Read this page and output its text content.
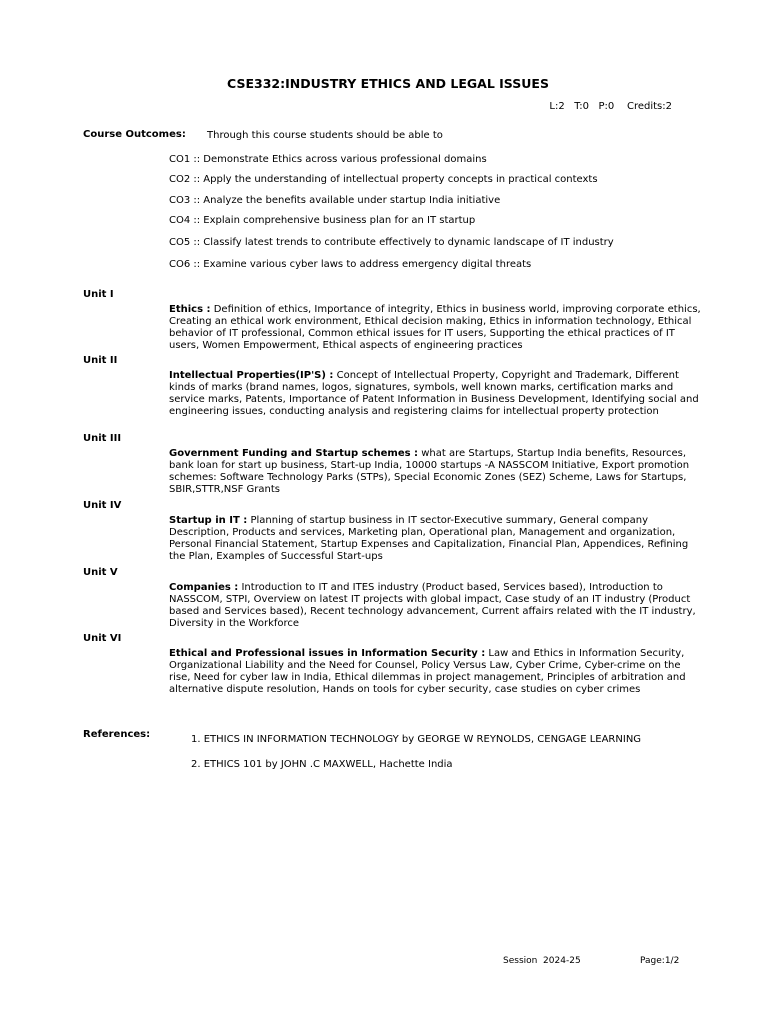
CSE332:INDUSTRY ETHICS AND LEGAL ISSUES
L:2   T:0   P:0    Credits:2
Course Outcomes: Through this course students should be able to
CO1 :: Demonstrate Ethics across various professional domains
CO2 :: Apply the understanding of intellectual property concepts in practical contexts
CO3 :: Analyze the benefits available under startup India initiative
CO4 :: Explain comprehensive business plan for an IT startup
CO5 :: Classify latest trends to contribute effectively to dynamic landscape of IT industry
CO6 :: Examine various cyber laws to address emergency digital threats
Unit I
Ethics : Definition of ethics, Importance of integrity, Ethics in business world, improving corporate ethics, Creating an ethical work environment, Ethical decision making, Ethics in information technology, Ethical behavior of IT professional, Common ethical issues for IT users, Supporting the ethical practices of IT users, Women Empowerment, Ethical aspects of engineering practices
Unit II
Intellectual Properties(IP'S) : Concept of Intellectual Property, Copyright and Trademark, Different kinds of marks (brand names, logos, signatures, symbols, well known marks, certification marks and service marks, Patents, Importance of Patent Information in Business Development, Identifying social and engineering issues, conducting analysis and registering claims for intellectual property protection
Unit III
Government Funding and Startup schemes : what are Startups, Startup India benefits, Resources, bank loan for start up business, Start-up India, 10000 startups -A NASSCOM Initiative, Export promotion schemes: Software Technology Parks (STPs), Special Economic Zones (SEZ) Scheme, Laws for Startups, SBIR,STTR,NSF Grants
Unit IV
Startup in IT : Planning of startup business in IT sector-Executive summary, General company Description, Products and services, Marketing plan, Operational plan, Management and organization, Personal Financial Statement, Startup Expenses and Capitalization, Financial Plan, Appendices, Refining the Plan, Examples of Successful Start-ups
Unit V
Companies : Introduction to IT and ITES industry (Product based, Services based), Introduction to NASSCOM, STPI, Overview on latest IT projects with global impact, Case study of an IT industry (Product based and Services based), Recent technology advancement, Current affairs related with the IT industry, Diversity in the Workforce
Unit VI
Ethical and Professional issues in Information Security : Law and Ethics in Information Security, Organizational Liability and the Need for Counsel, Policy Versus Law, Cyber Crime, Cyber-crime on the rise, Need for cyber law in India, Ethical dilemmas in project management, Principles of arbitration and alternative dispute resolution, Hands on tools for cyber security, case studies on cyber crimes
References:	1. ETHICS IN INFORMATION TECHNOLOGY by GEORGE W REYNOLDS, CENGAGE LEARNING
2. ETHICS 101 by JOHN .C MAXWELL, Hachette India
Session  2024-25	Page:1/2
